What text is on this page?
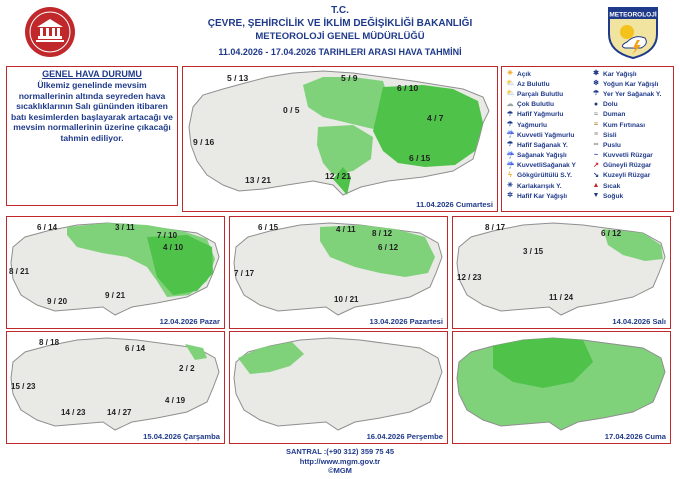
T.C.
ÇEVRE, ŞEHİRCİLİK VE İKLİM DEĞİŞİKLİĞİ BAKANLIĞI
METEOROLOJİ GENEL MÜDÜRLÜĞÜ
11.04.2026 - 17.04.2026 TARIHLERI ARASI HAVA TAHMİNİ
METEOROLOJİ
GENEL HAVA DURUMU
Ülkemiz genelinde mevsim normallerinin altında seyreden hava sıcaklıklarının Salı gününden itibaren batı kesimlerden başlayarak artacağı ve mevsim normallerinin üzerine çıkacağı tahmin ediliyor.
5 / 13	5 / 9
6 / 10
4 / 7
9 / 16
6 / 15
13 / 21	12 / 21
0 / 5
11.04.2026 Cumartesi
☀ Açık	✱ Kar Yağışlı
⛅ Az Bulutlu	❄ Yoğun Kar Yağışlı
⛅ Parçalı Bulutlu	☂ Yer Yer Sağanak Y.
☁ Çok Bulutlu	● Dolu
☂ Hafif Yağmurlu	≈ Duman
☂ Yağmurlu	≈ Kum Fırtınası
☔ Kuvvetli Yağmurlu	≡ Sisli
☂ Hafif Sağanak Y.	∞ Puslu
☔ Sağanak Yağışlı	~ Kuvvetli Rüzgar
☔ KuvvetliSağanak Y ↗ Güneyli Rüzgar
ϟ Gökgürültülü S.Y.	↘ Kuzeyli Rüzgar
✳ Karlakarışık Y.	▲ Sıcak
✲ Hafif Kar Yağışlı	▼ Soğuk
6 / 14	3 / 11
7 / 10
4 / 10
8 / 21
9 / 20
9 / 21
12.04.2026 Pazar
6 / 15	4 / 11 8 / 12
6 / 12
7 / 17
10 / 21
13.04.2026 Pazartesi
8 / 17
6 / 12
12 / 23
11 / 24
3 / 15
14.04.2026 Salı
8 / 18
6 / 14
15 / 23
14 / 23	14 / 27
4 / 19
2 / 2
15.04.2026 Çarşamba	16.04.2026 Perşembe	17.04.2026 Cuma
SANTRAL :(+90 312) 359 75 45
http://www.mgm.gov.tr
©MGM
